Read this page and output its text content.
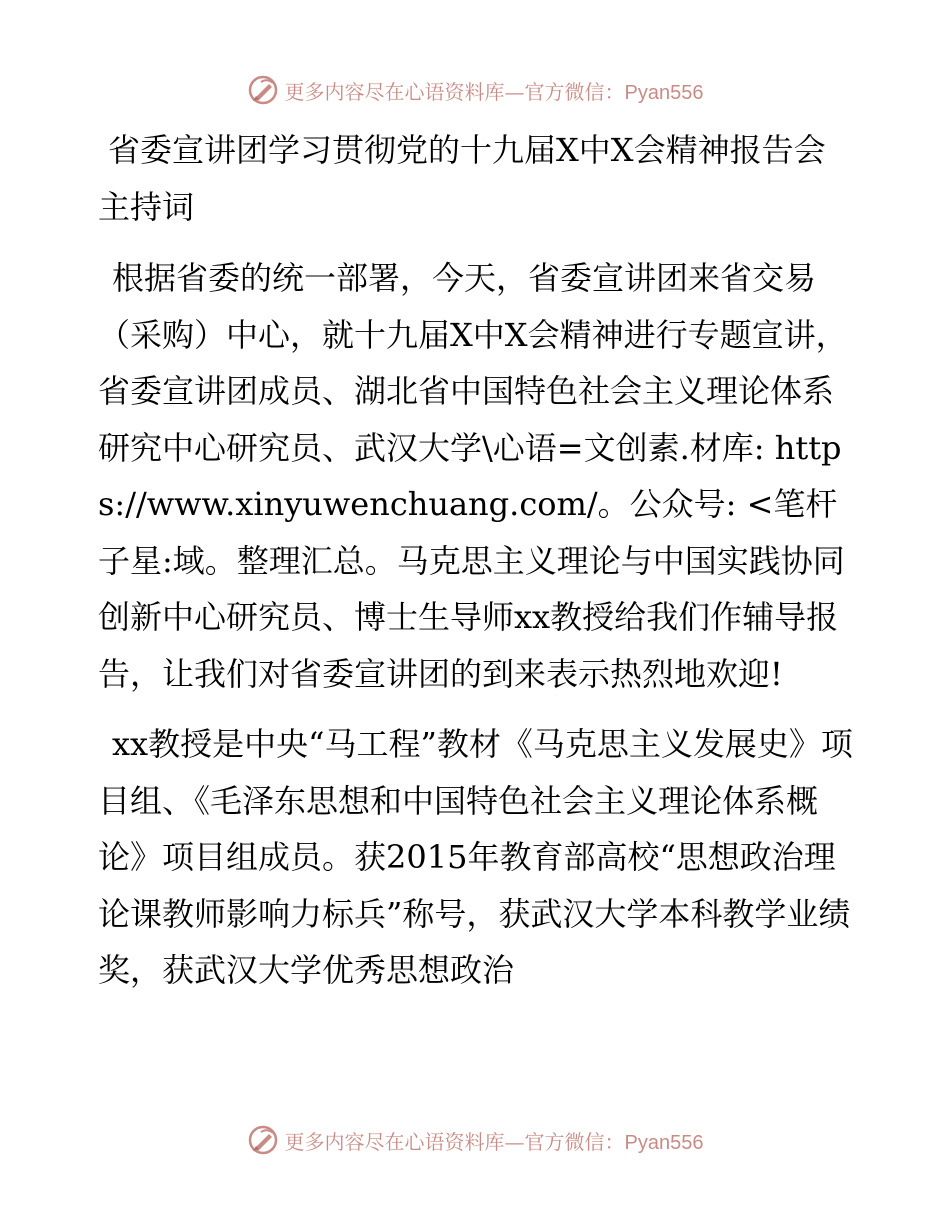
更多内容尽在心语资料库—官方微信：Pyan556
省委宣讲团学习贯彻党的十九届X中X会精神报告会主持词

根据省委的统一部署，今天，省委宣讲团来省交易（采购）中心，就十九届X中X会精神进行专题宣讲，省委宣讲团成员、湖北省中国特色社会主义理论体系研究中心研究员、武汉大学\心语=文创素.材库: https://www.xinyuwenchuang.com/。公众号: <笔杆子星:域。整理汇总。马克思主义理论与中国实践协同创新中心研究员、博士生导师xx教授给我们作辅导报告，让我们对省委宣讲团的到来表示热烈地欢迎!

xx教授是中央“马工程”教材《马克思主义发展史》项目组、《毛泽东思想和中国特色社会主义理论体系概论》项目组成员。获2015年教育部高校“思想政治理论课教师影响力标兵”称号，获武汉大学本科教学业绩奖，获武汉大学优秀思想政治

更多内容尽在心语资料库—官方微信：Pyan556
